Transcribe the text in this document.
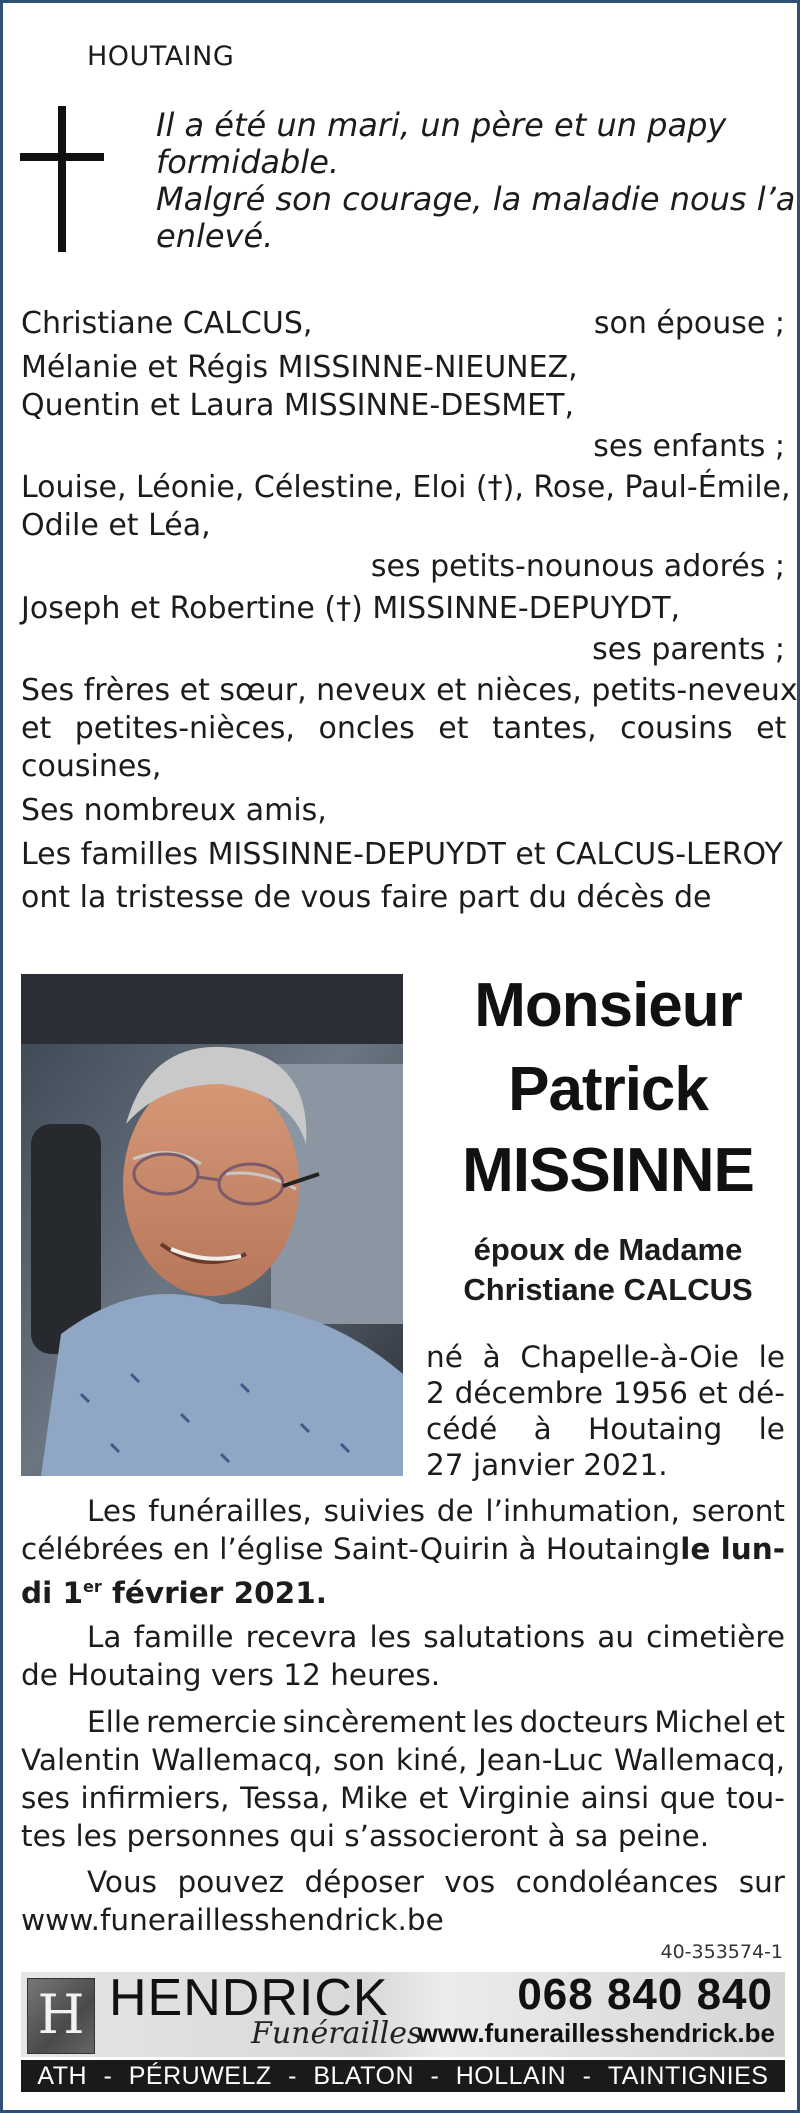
HOUTAING
Il a été un mari, un père et un papy
formidable.
Malgré son courage, la maladie nous l’a
enlevé.
Christiane CALCUS,	son épouse ;
Mélanie et Régis MISSINNE-NIEUNEZ,
Quentin et Laura MISSINNE-DESMET,
ses enfants ;
Louise, Léonie, Célestine, Eloi (†), Rose, Paul-Émile,
Odile et Léa,
ses petits-nounous adorés ;
Joseph et Robertine (†) MISSINNE-DEPUYDT,
ses parents ;
Ses frères et sœur, neveux et nièces, petits-neveux
et petites-nièces, oncles et tantes, cousins et
cousines,
Ses nombreux amis,
Les familles MISSINNE-DEPUYDT et CALCUS-LEROY
ont la tristesse de vous faire part du décès de
Monsieur
Patrick
MISSINNE
époux de Madame
Christiane CALCUS
né à Chapelle-à-Oie le
2 décembre 1956 et dé-
cédé à Houtaing le
27 janvier 2021.
Les funérailles, suivies de l’inhumation, seront
célébrées en l’église Saint-Quirin à Houtaing le lun-
di 1er février 2021.
La famille recevra les salutations au cimetière
de Houtaing vers 12 heures.
Elle remercie sincèrement les docteurs Michel et
Valentin Wallemacq, son kiné, Jean-Luc Wallemacq,
ses infirmiers, Tessa, Mike et Virginie ainsi que tou-
tes les personnes qui s’associeront à sa peine.
Vous pouvez déposer vos condoléances sur
www.funeraillesshendrick.be
40-353574-1
H HENDRICK
Funérailles
068 840 840
www.funeraillesshendrick.be
ATH - PÉRUWELZ - BLATON - HOLLAIN - TAINTIGNIES
